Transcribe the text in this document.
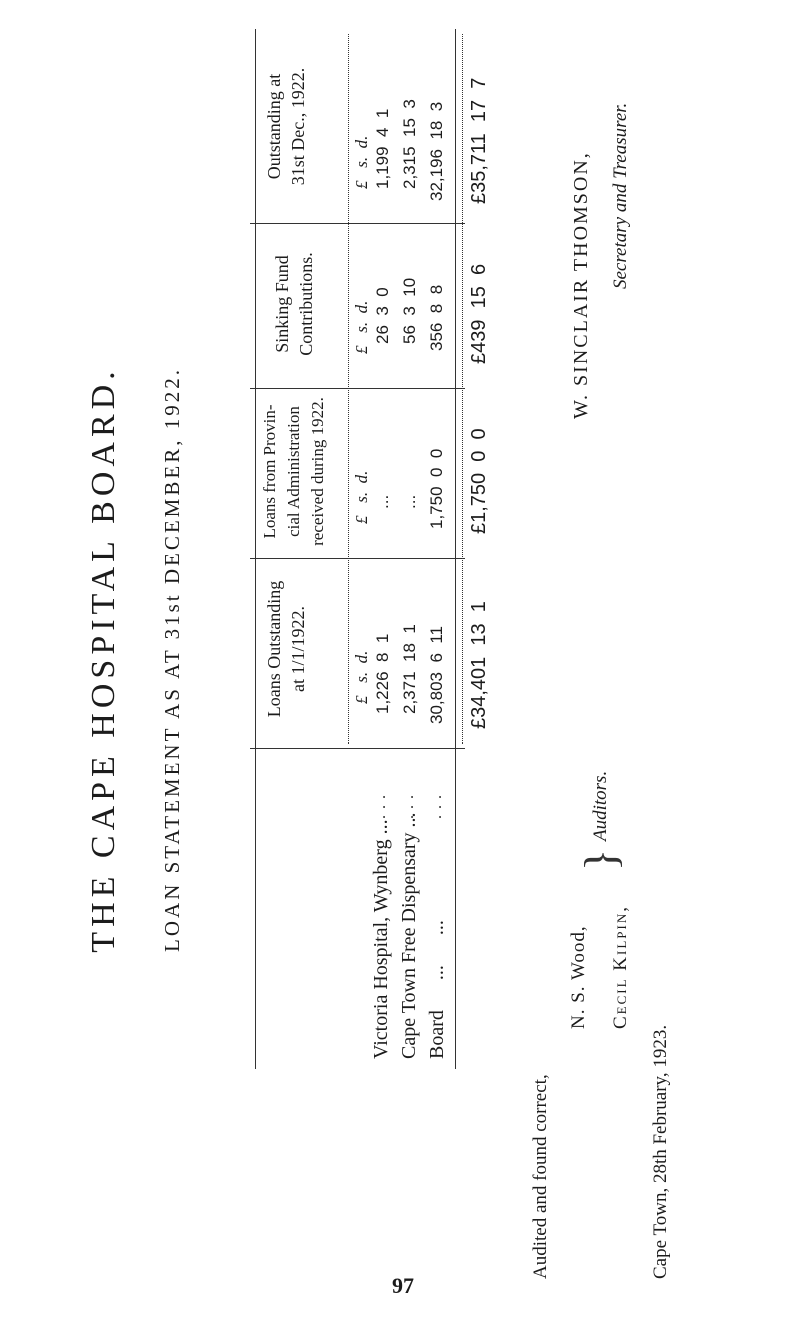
THE CAPE HOSPITAL BOARD. LOAN STATEMENT AS AT 31st DECEMBER, 1922.	Loans Outstanding at 1/1/1922.
Loans from Provin- cial Administration received during 1922.
Sinking Fund Contributions.
Outstanding at 31st Dec., 1922.
£   s.  d.
£   s.  d.
£   s.  d.
£   s.  d.
Victoria Hospital, Wynberg ... Cape Town Free Dispensary ... Board      ...      ...
... ... ...
1,226  8  1 2,371  18  1 30,803  6  11
... ... 1,750  0  0
26  3  0 56  3  10 356  8  8
1,199  4  1 2,315  15  3 32,196  18  3
£34,401  13  1
£1,750  0  0
£439  15  6
£35,711  17  7
97
Audited and found correct,
N. S. Wood, Cecil Kilpin,
}
Auditors.
Cape Town, 28th February, 1923.
W. SINCLAIR THOMSON, Secretary and Treasurer.
